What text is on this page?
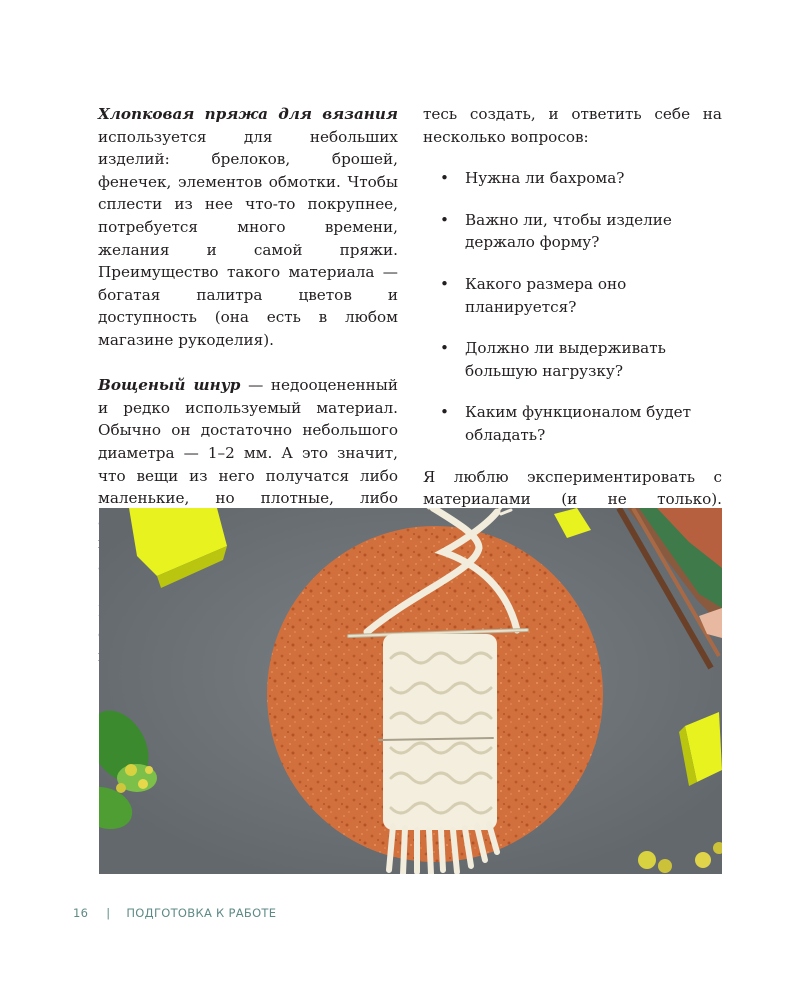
Хлопковая пряжа для вязания используется для небольших изделий: брелоков, брошей, фенечек, элементов обмотки. Чтобы сплести из нее что-то покрупнее, потребуется много времени, желания и самой пряжи. Преимущество такого материала — богатая палитра цветов и доступность (она есть в любом магазине рукоделия).

Вощеный шнур — недооцененный и редко используемый материал. Обычно он достаточно небольшого диаметра — 1–2 мм. А это значит, что вещи из него получатся либо маленькие, но плотные, либо

тесь создать, и ответить себе на несколько вопросов:

• Нужна ли бахрома?
• Важно ли, чтобы изделие держало форму?
• Какого размера оно планируется?
• Должно ли выдерживать большую нагрузку?
• Каким функционалом будет обладать?

Я люблю экспериментировать с материалами (и не только).

16 | ПОДГОТОВКА К РАБОТЕ
